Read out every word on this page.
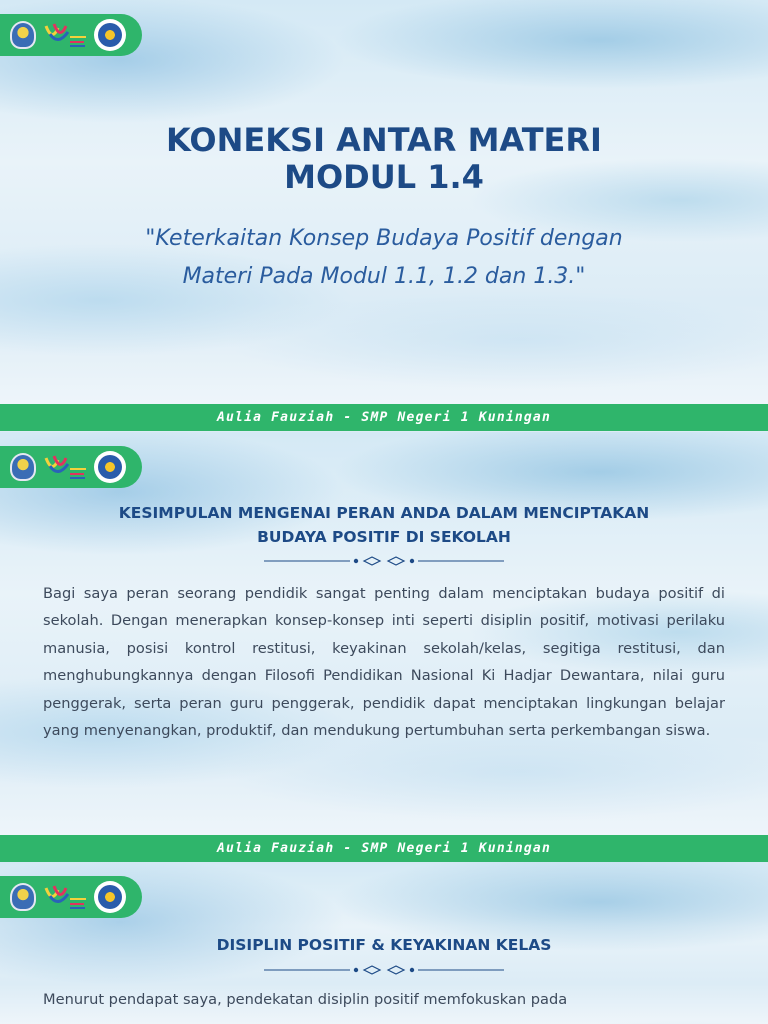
KONEKSI ANTAR MATERI
MODUL 1.4

"Keterkaitan Konsep Budaya Positif dengan

Materi Pada Modul 1.1, 1.2 dan 1.3."

Aulia Fauziah - SMP Negeri 1 Kuningan
KESIMPULAN MENGENAI PERAN ANDA DALAM MENCIPTAKAN
BUDAYA POSITIF DI SEKOLAH

Bagi saya peran seorang pendidik sangat penting dalam menciptakan budaya positif di sekolah. Dengan menerapkan konsep-konsep inti seperti disiplin positif, motivasi perilaku manusia, posisi kontrol restitusi, keyakinan sekolah/kelas, segitiga restitusi, dan menghubungkannya dengan Filosofi Pendidikan Nasional Ki Hadjar Dewantara, nilai guru penggerak, serta peran guru penggerak, pendidik dapat menciptakan lingkungan belajar yang menyenangkan, produktif, dan mendukung pertumbuhan serta perkembangan siswa.

Aulia Fauziah - SMP Negeri 1 Kuningan
DISIPLIN POSITIF & KEYAKINAN KELAS

Menurut pendapat saya, pendekatan disiplin positif memfokuskan pada
